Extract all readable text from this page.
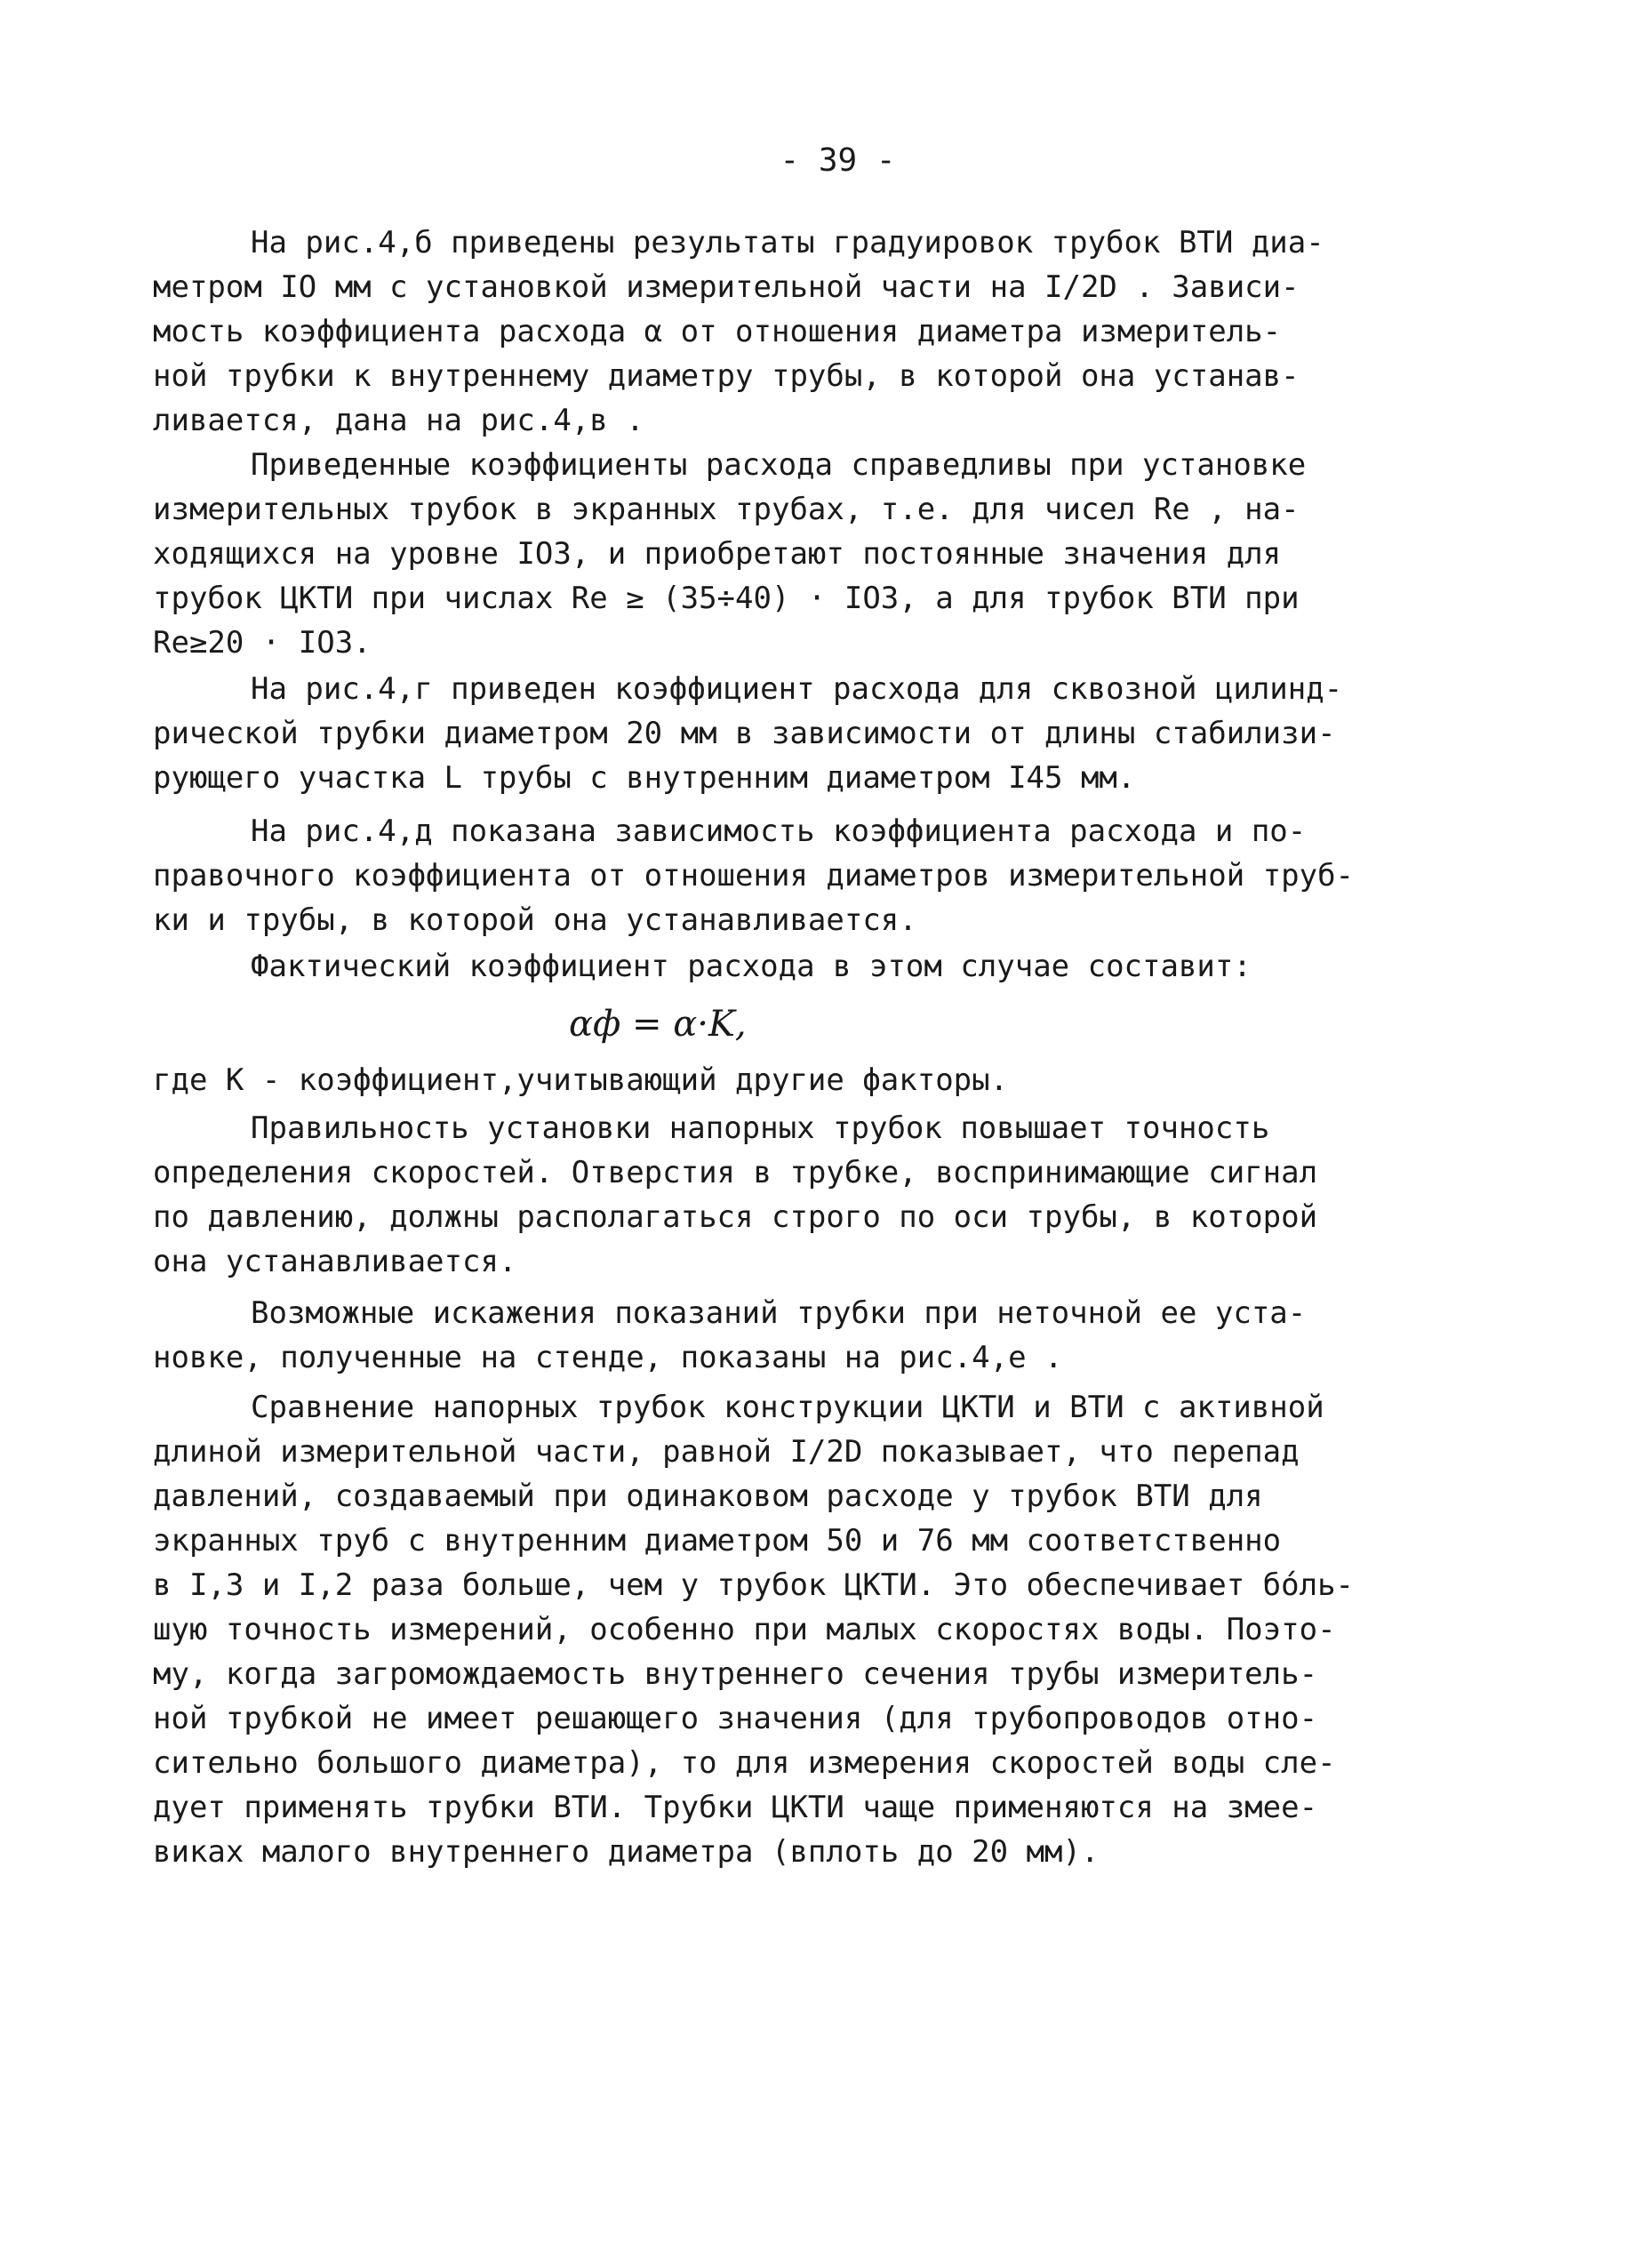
- 39 -
На рис.4,б приведены результаты градуировок трубок ВТИ диа-
метром IO мм с установкой измерительной части на I/2D . Зависи-
мость коэффициента расхода α от отношения диаметра измеритель-
ной трубки к внутреннему диаметру трубы, в которой она устанав-
ливается, дана на рис.4,в .
Приведенные коэффициенты расхода справедливы при установке
измерительных трубок в экранных трубах, т.е. для чисел Re , на-
ходящихся на уровне IO3, и приобретают постоянные значения для
трубок ЦКТИ при числах Re ≥ (35÷40) · IO3, а для трубок ВТИ при
Re≥20 · IO3.
На рис.4,г приведен коэффициент расхода для сквозной цилинд-
рической трубки диаметром 20 мм в зависимости от длины стабилизи-
рующего участка L трубы с внутренним диаметром I45 мм.
На рис.4,д показана зависимость коэффициента расхода и по-
правочного коэффициента от отношения диаметров измерительной труб-
ки и трубы, в которой она устанавливается.
Фактический коэффициент расхода в этом случае составит:
αф = α·K,
где K - коэффициент,учитывающий другие факторы.
Правильность установки напорных трубок повышает точность
определения скоростей. Отверстия в трубке, воспринимающие сигнал
по давлению, должны располагаться строго по оси трубы, в которой
она устанавливается.
Возможные искажения показаний трубки при неточной ее уста-
новке, полученные на стенде, показаны на рис.4,е .
Сравнение напорных трубок конструкции ЦКТИ и ВТИ с активной
длиной измерительной части, равной I/2D показывает, что перепад
давлений, создаваемый при одинаковом расходе у трубок ВТИ для
экранных труб с внутренним диаметром 50 и 76 мм соответственно
в I,3 и I,2 раза больше, чем у трубок ЦКТИ. Это обеспечивает бо́ль-
шую точность измерений, особенно при малых скоростях воды. Поэто-
му, когда загромождаемость внутреннего сечения трубы измеритель-
ной трубкой не имеет решающего значения (для трубопроводов отно-
сительно большого диаметра), то для измерения скоростей воды сле-
дует применять трубки ВТИ. Трубки ЦКТИ чаще применяются на змее-
виках малого внутреннего диаметра (вплоть до 20 мм).
